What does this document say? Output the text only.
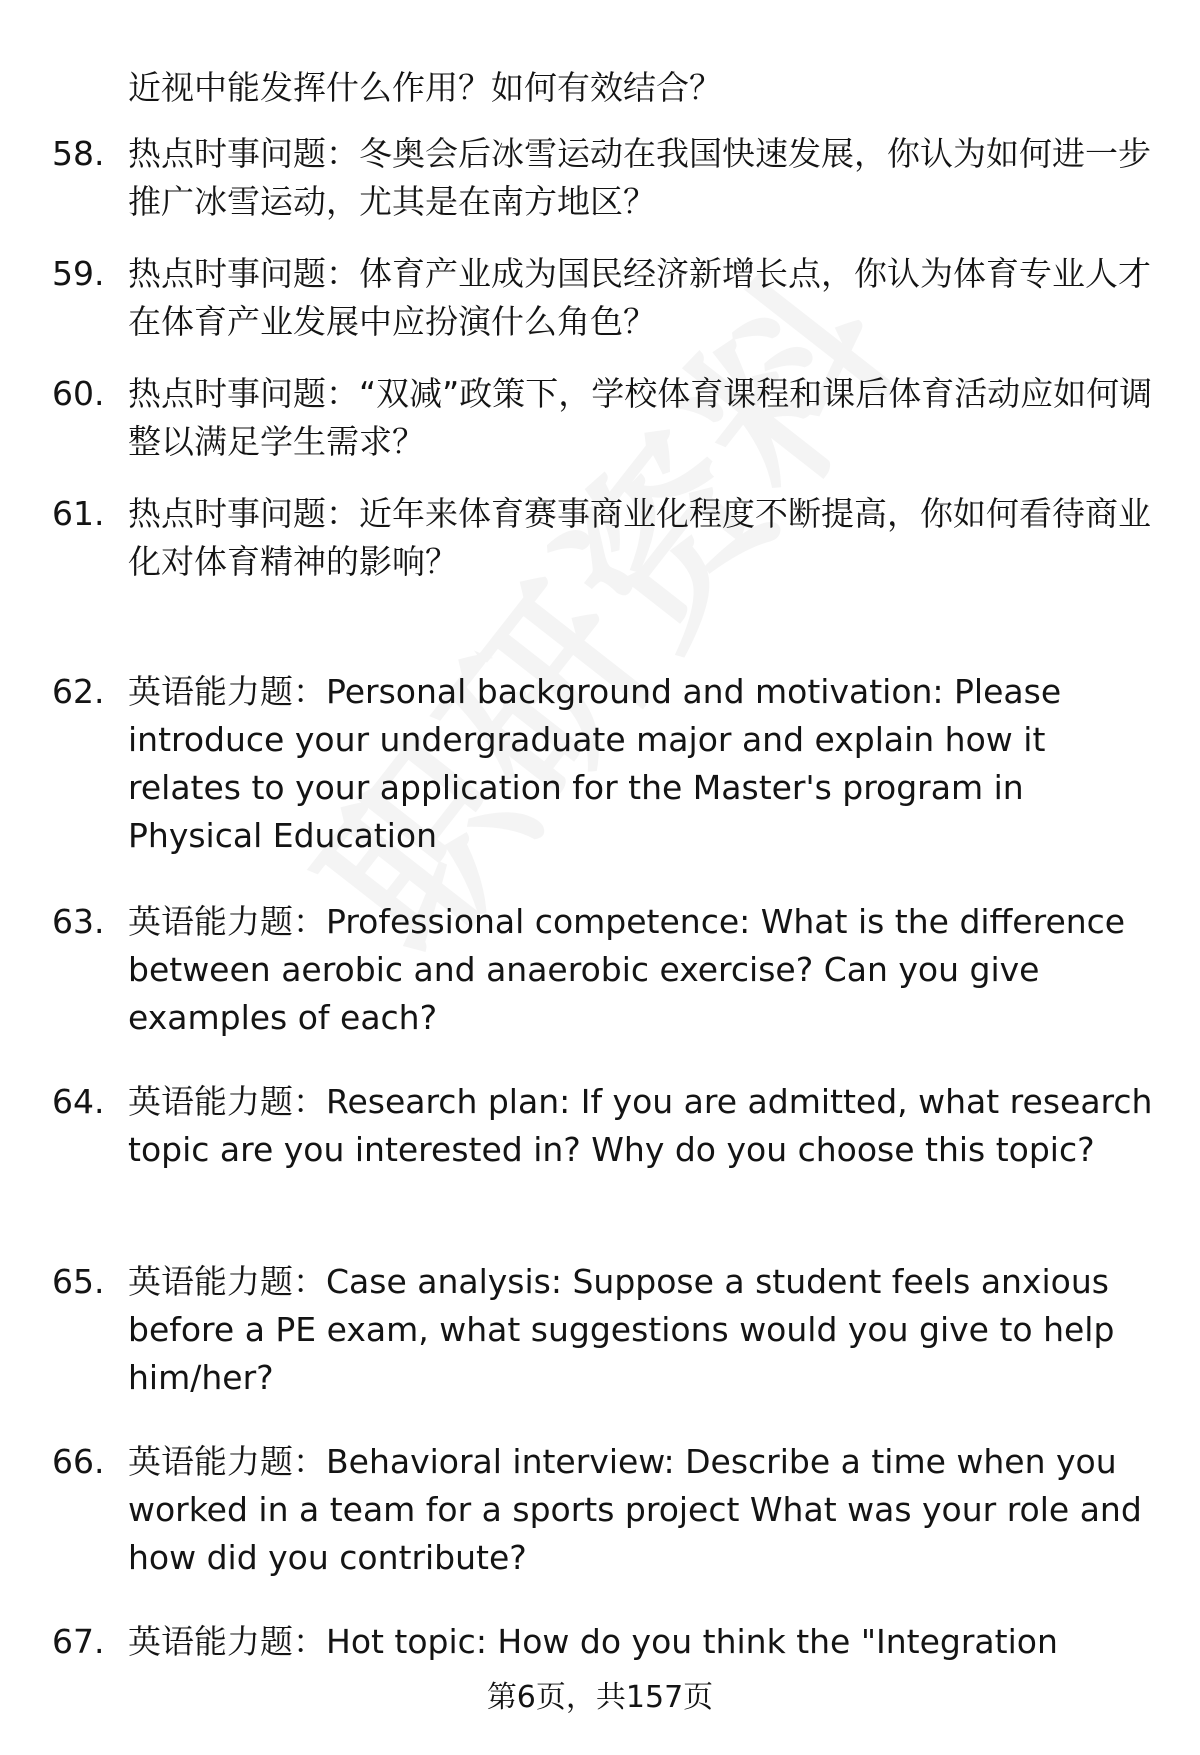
近视中能发挥什么作用？如何有效结合？
58. 热点时事问题：冬奥会后冰雪运动在我国快速发展，你认为如何进一步推广冰雪运动，尤其是在南方地区？
59. 热点时事问题：体育产业成为国民经济新增长点，你认为体育专业人才在体育产业发展中应扮演什么角色？
60. 热点时事问题：“双减”政策下，学校体育课程和课后体育活动应如何调整以满足学生需求？
61. 热点时事问题：近年来体育赛事商业化程度不断提高，你如何看待商业化对体育精神的影响？
62. 英语能力题：Personal background and motivation: Please introduce your undergraduate major and explain how it relates to your application for the Master's program in Physical Education
63. 英语能力题：Professional competence: What is the difference between aerobic and anaerobic exercise? Can you give examples of each?
64. 英语能力题：Research plan: If you are admitted, what research topic are you interested in? Why do you choose this topic?
65. 英语能力题：Case analysis: Suppose a student feels anxious before a PE exam, what suggestions would you give to help him/her?
66. 英语能力题：Behavioral interview: Describe a time when you worked in a team for a sports project What was your role and how did you contribute?
67. 英语能力题：Hot topic: How do you think the "Integration
第6页，共157页
